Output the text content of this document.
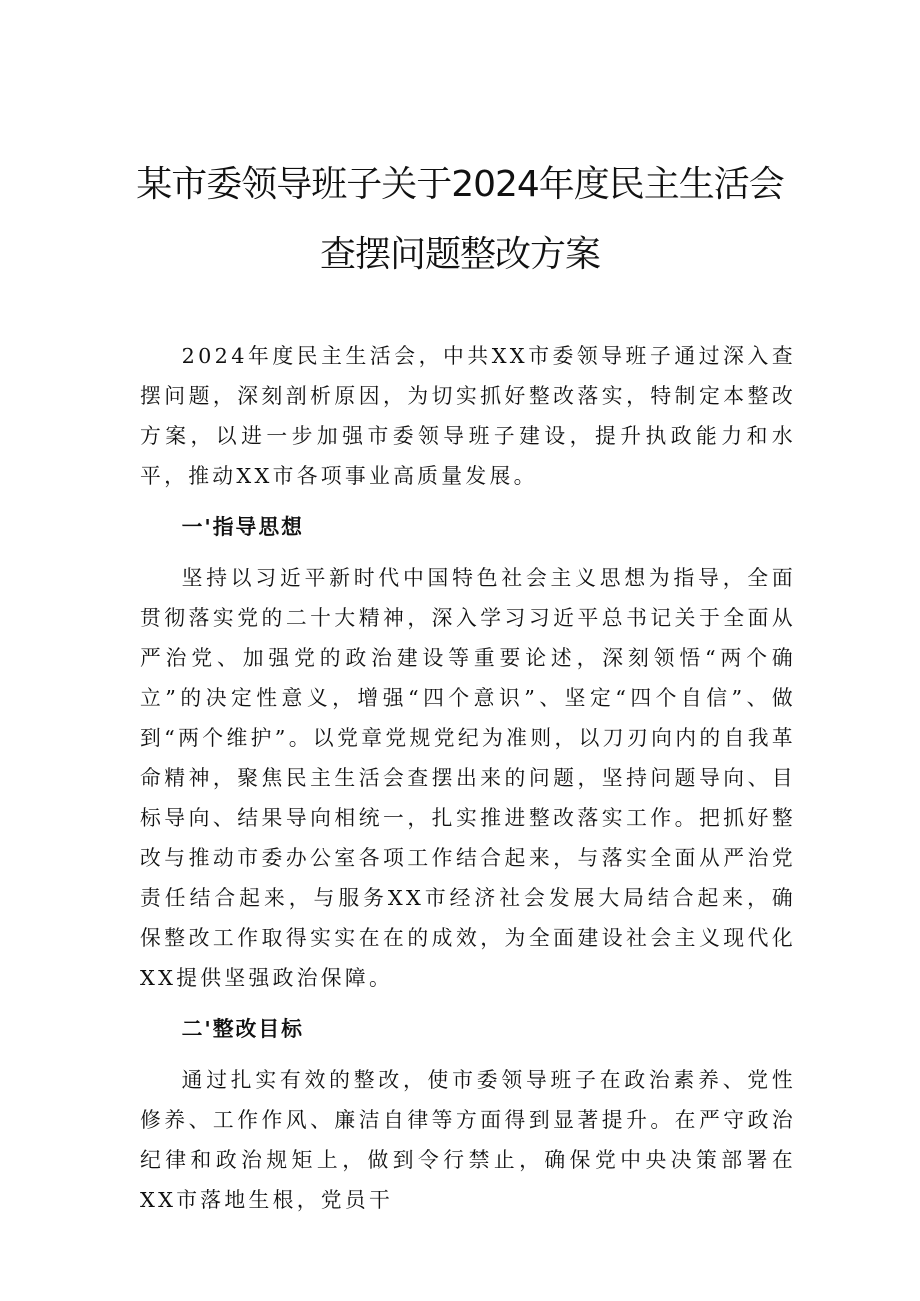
某市委领导班子关于2024年度民主生活会
查摆问题整改方案

2024年度民主生活会，中共XX市委领导班子通过深入查摆问题，深刻剖析原因，为切实抓好整改落实，特制定本整改方案，以进一步加强市委领导班子建设，提升执政能力和水平，推动XX市各项事业高质量发展。

一'指导思想

坚持以习近平新时代中国特色社会主义思想为指导，全面贯彻落实党的二十大精神，深入学习习近平总书记关于全面从严治党、加强党的政治建设等重要论述，深刻领悟“两个确立”的决定性意义，增强“四个意识”、坚定“四个自信”、做到“两个维护”。以党章党规党纪为准则，以刀刃向内的自我革命精神，聚焦民主生活会查摆出来的问题，坚持问题导向、目标导向、结果导向相统一，扎实推进整改落实工作。把抓好整改与推动市委办公室各项工作结合起来，与落实全面从严治党责任结合起来，与服务XX市经济社会发展大局结合起来，确保整改工作取得实实在在的成效，为全面建设社会主义现代化XX提供坚强政治保障。

二'整改目标

通过扎实有效的整改，使市委领导班子在政治素养、党性修养、工作作风、廉洁自律等方面得到显著提升。在严守政治纪律和政治规矩上，做到令行禁止，确保党中央决策部署在XX市落地生根，党员干
